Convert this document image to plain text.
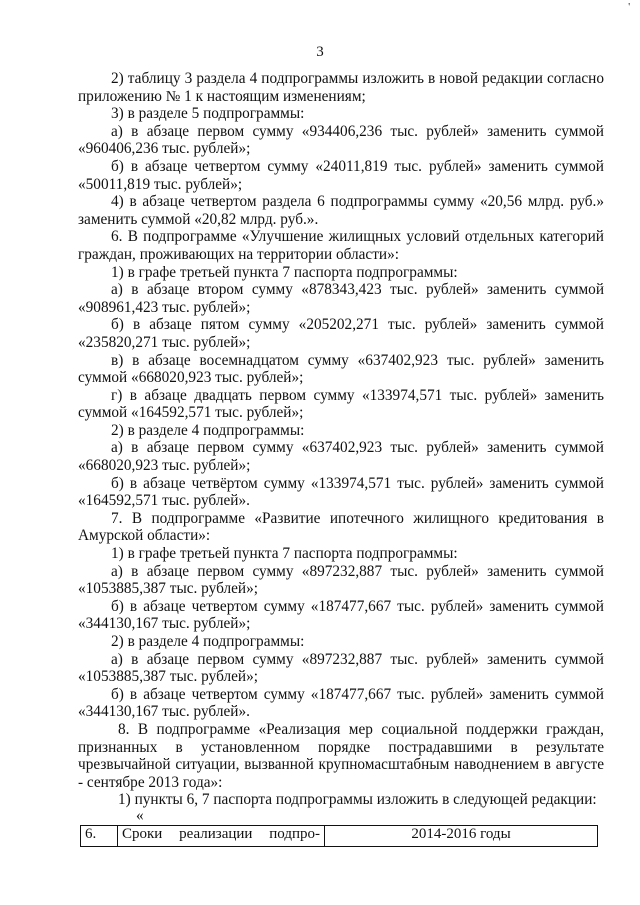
'
3

2) таблицу 3 раздела 4 подпрограммы изложить в новой редакции согласно приложению № 1 к настоящим изменениям;

3) в разделе 5 подпрограммы:

а) в абзаце первом сумму «934406,236 тыс. рублей» заменить суммой «960406,236 тыс. рублей»;

б) в абзаце четвертом сумму «24011,819 тыс. рублей» заменить суммой «50011,819 тыс. рублей»;

4) в абзаце четвертом раздела 6 подпрограммы сумму «20,56 млрд. руб.» заменить суммой «20,82 млрд. руб.».

6. В подпрограмме «Улучшение жилищных условий отдельных категорий граждан, проживающих на территории области»:

1) в графе третьей пункта 7 паспорта подпрограммы:

а) в абзаце втором сумму «878343,423 тыс. рублей» заменить суммой «908961,423 тыс. рублей»;

б) в абзаце пятом сумму «205202,271 тыс. рублей» заменить суммой «235820,271 тыс. рублей»;

в) в абзаце восемнадцатом сумму «637402,923 тыс. рублей» заменить суммой «668020,923 тыс. рублей»;

г) в абзаце двадцать первом сумму «133974,571 тыс. рублей» заменить суммой «164592,571 тыс. рублей»;

2) в разделе 4 подпрограммы:

а) в абзаце первом сумму «637402,923 тыс. рублей» заменить суммой «668020,923 тыс. рублей»;

б) в абзаце четвёртом сумму «133974,571 тыс. рублей» заменить суммой «164592,571 тыс. рублей».

7. В подпрограмме «Развитие ипотечного жилищного кредитования в Амурской области»:

1) в графе третьей пункта 7 паспорта подпрограммы:

а) в абзаце первом сумму «897232,887 тыс. рублей» заменить суммой «1053885,387 тыс. рублей»;

б) в абзаце четвертом сумму «187477,667 тыс. рублей» заменить суммой «344130,167 тыс. рублей»;

2) в разделе 4 подпрограммы:

а) в абзаце первом сумму «897232,887 тыс. рублей» заменить суммой «1053885,387 тыс. рублей»;

б) в абзаце четвертом сумму «187477,667 тыс. рублей» заменить суммой «344130,167 тыс. рублей».

8. В подпрограмме «Реализация мер социальной поддержки граждан, признанных в установленном порядке пострадавшими в результате чрезвычайной ситуации, вызванной крупномасштабным наводнением в августе - сентябре 2013 года»:

1) пункты 6, 7 паспорта подпрограммы изложить в следующей редакции:

«

6.	Сроки реализации подпро-	2014-2016 годы
